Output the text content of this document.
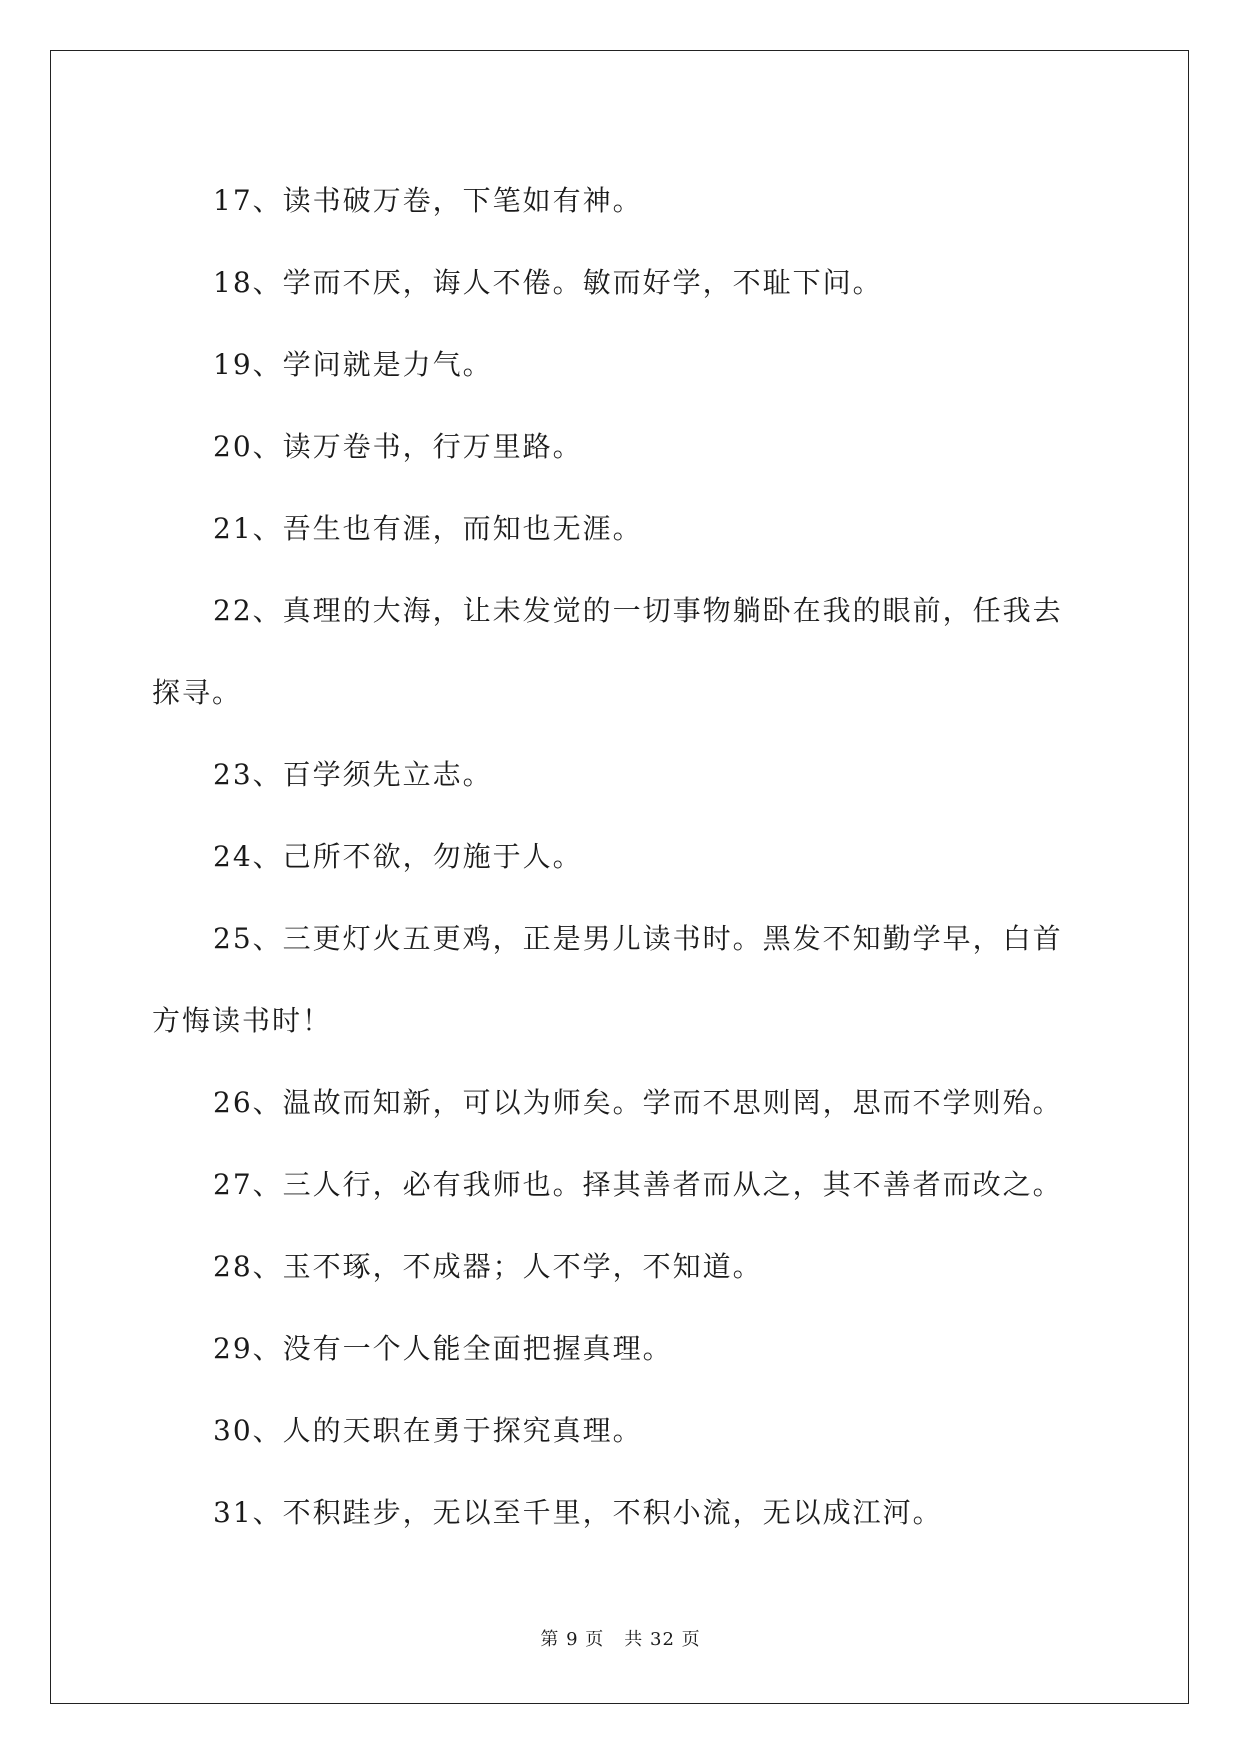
17、读书破万卷，下笔如有神。

18、学而不厌，诲人不倦。敏而好学，不耻下问。

19、学问就是力气。

20、读万卷书，行万里路。

21、吾生也有涯，而知也无涯。

22、真理的大海，让未发觉的一切事物躺卧在我的眼前，任我去探寻。

23、百学须先立志。

24、己所不欲，勿施于人。

25、三更灯火五更鸡，正是男儿读书时。黑发不知勤学早，白首方悔读书时！

26、温故而知新，可以为师矣。学而不思则罔，思而不学则殆。

27、三人行，必有我师也。择其善者而从之，其不善者而改之。

28、玉不琢，不成器；人不学，不知道。

29、没有一个人能全面把握真理。

30、人的天职在勇于探究真理。

31、不积跬步，无以至千里，不积小流，无以成江河。

第 9 页 共 32 页
